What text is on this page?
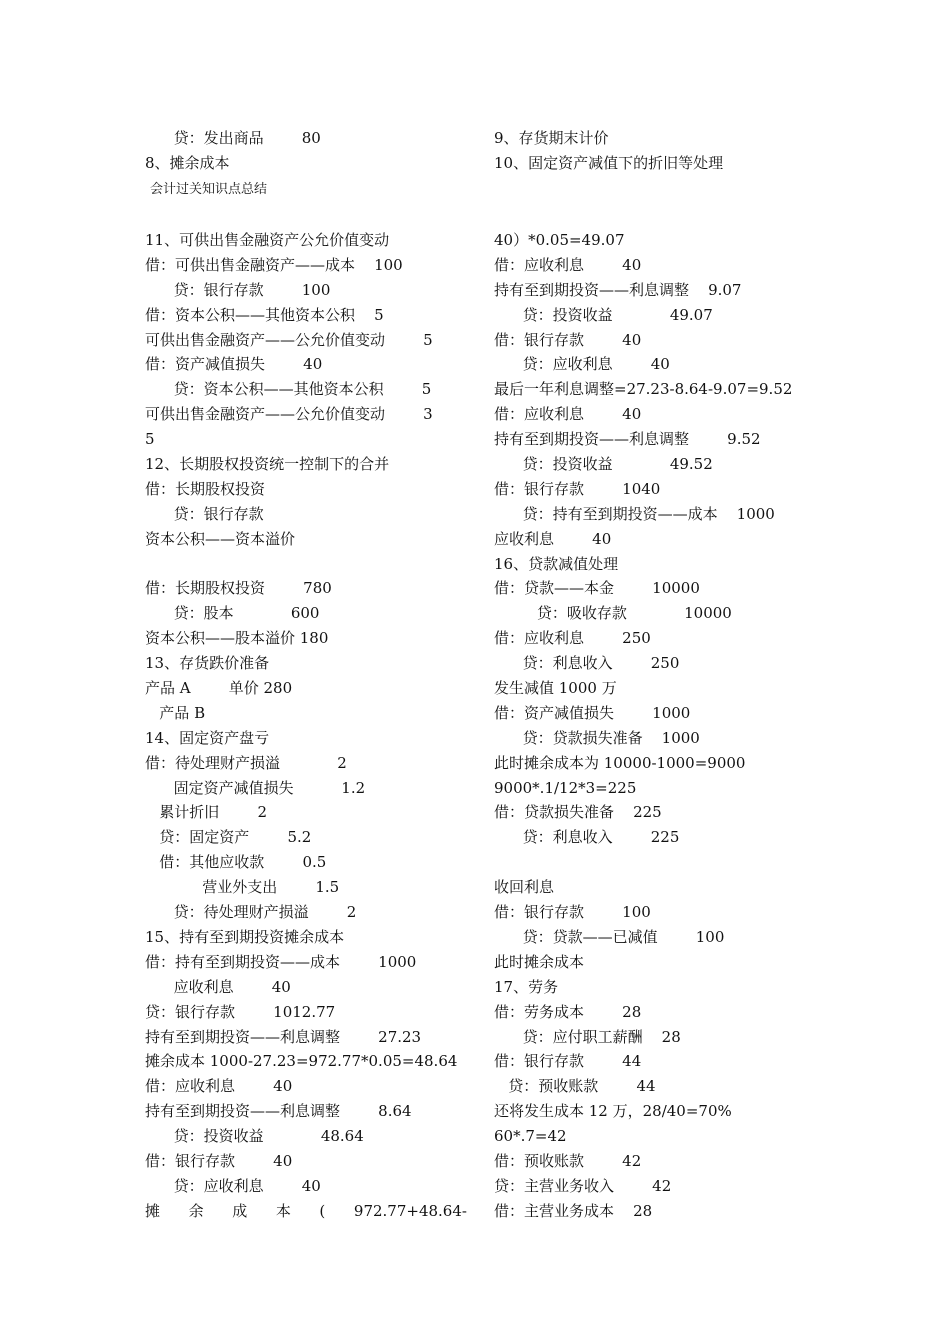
贷：发出商品        80
8、摊余成本
9、存货期末计价
10、固定资产减值下的折旧等处理
会计过关知识点总结
11、可供出售金融资产公允价值变动
借：可供出售金融资产——成本    100
贷：银行存款        100
借：资本公积——其他资本公积    5
可供出售金融资产——公允价值变动        5
借：资产减值损失        40
贷：资本公积——其他资本公积        5
可供出售金融资产——公允价值变动        3
5
12、长期股权投资统一控制下的合并
借：长期股权投资
贷：银行存款
资本公积——资本溢价
借：长期股权投资        780
贷：股本            600
资本公积——股本溢价 180
13、存货跌价准备
产品 A        单价 280
产品 B
14、固定资产盘亏
借：待处理财产损溢            2
固定资产减值损失          1.2
累计折旧        2
贷：固定资产        5.2
借：其他应收款        0.5
营业外支出        1.5
贷：待处理财产损溢        2
15、持有至到期投资摊余成本
借：持有至到期投资——成本        1000
应收利息        40
贷：银行存款        1012.77
持有至到期投资——利息调整        27.23
摊余成本 1000-27.23=972.77*0.05=48.64
借：应收利息        40
持有至到期投资——利息调整        8.64
贷：投资收益            48.64
借：银行存款        40
贷：应收利息        40
摊      余      成      本      (      972.77+48.64-
40）*0.05=49.07
借：应收利息        40
持有至到期投资——利息调整    9.07
贷：投资收益            49.07
借：银行存款        40
贷：应收利息        40
最后一年利息调整=27.23-8.64-9.07=9.52
借：应收利息        40
持有至到期投资——利息调整        9.52
贷：投资收益            49.52
借：银行存款        1040
贷：持有至到期投资——成本    1000
应收利息        40
16、贷款减值处理
借：贷款——本金        10000
贷：吸收存款            10000
借：应收利息        250
贷：利息收入        250
发生减值 1000 万
借：资产减值损失        1000
贷：贷款损失准备    1000
此时摊余成本为 10000-1000=9000
9000*.1/12*3=225
借：贷款损失准备    225
贷：利息收入        225
收回利息
借：银行存款        100
贷：贷款——已减值        100
此时摊余成本
17、劳务
借：劳务成本        28
贷：应付职工薪酬    28
借：银行存款        44
贷：预收账款        44
还将发生成本 12 万，28/40=70%
60*.7=42
借：预收账款        42
贷：主营业务收入        42
借：主营业务成本    28
